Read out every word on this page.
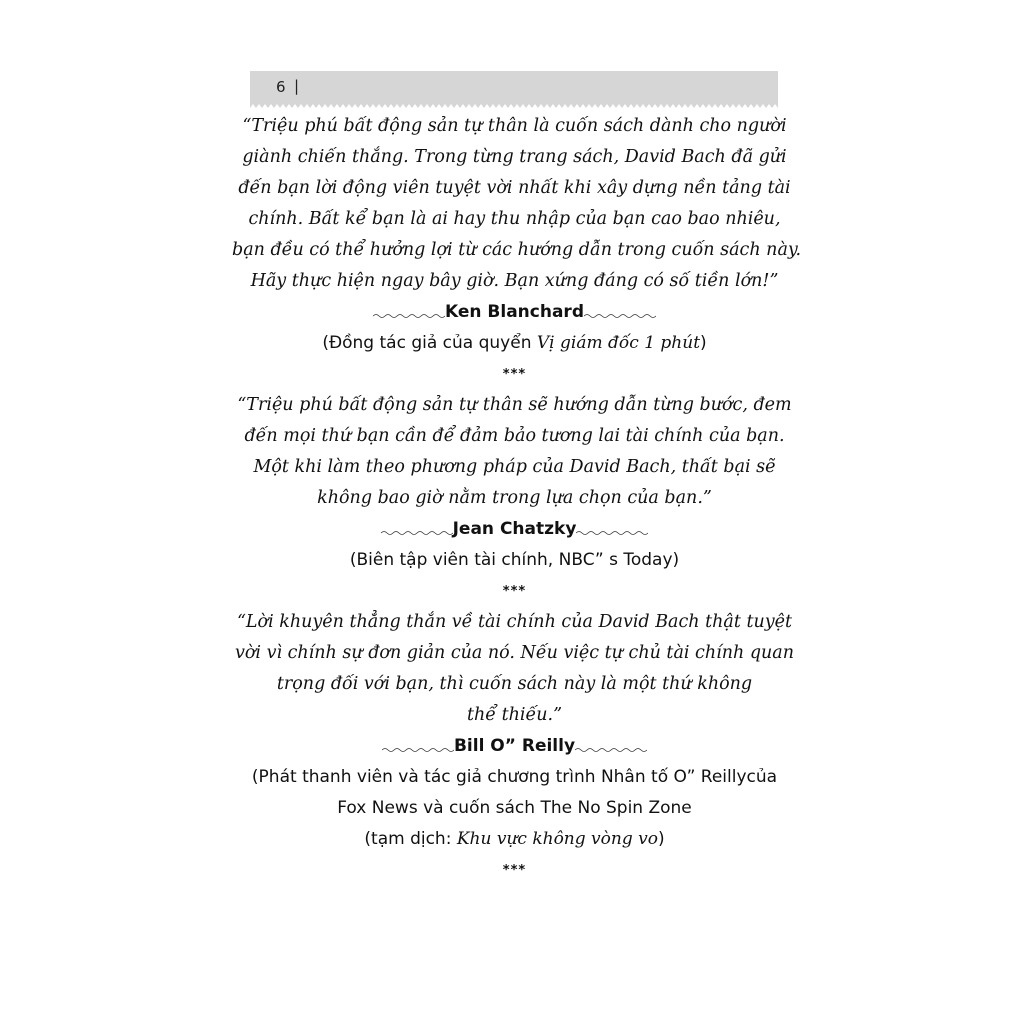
6 |
“Triệu phú bất động sản tự thân là cuốn sách dành cho người
giành chiến thắng. Trong từng trang sách, David Bach đã gửi
đến bạn lời động viên tuyệt vời nhất khi xây dựng nền tảng tài
chính. Bất kể bạn là ai hay thu nhập của bạn cao bao nhiêu,
bạn đều có thể hưởng lợi từ các hướng dẫn trong cuốn sách này.
Hãy thực hiện ngay bây giờ. Bạn xứng đáng có số tiền lớn!”
Ken Blanchard
(Đồng tác giả của quyển Vị giám đốc 1 phút)
***
“Triệu phú bất động sản tự thân sẽ hướng dẫn từng bước, đem
đến mọi thứ bạn cần để đảm bảo tương lai tài chính của bạn.
Một khi làm theo phương pháp của David Bach, thất bại sẽ
không bao giờ nằm trong lựa chọn của bạn.”
Jean Chatzky
(Biên tập viên tài chính, NBC” s Today)
***
“Lời khuyên thẳng thắn về tài chính của David Bach thật tuyệt
vời vì chính sự đơn giản của nó. Nếu việc tự chủ tài chính quan
trọng đối với bạn, thì cuốn sách này là một thứ không
thể thiếu.”
Bill O” Reilly
(Phát thanh viên và tác giả chương trình Nhân tố O” Reillycủa
Fox News và cuốn sách The No Spin Zone
(tạm dịch: Khu vực không vòng vo)
***
